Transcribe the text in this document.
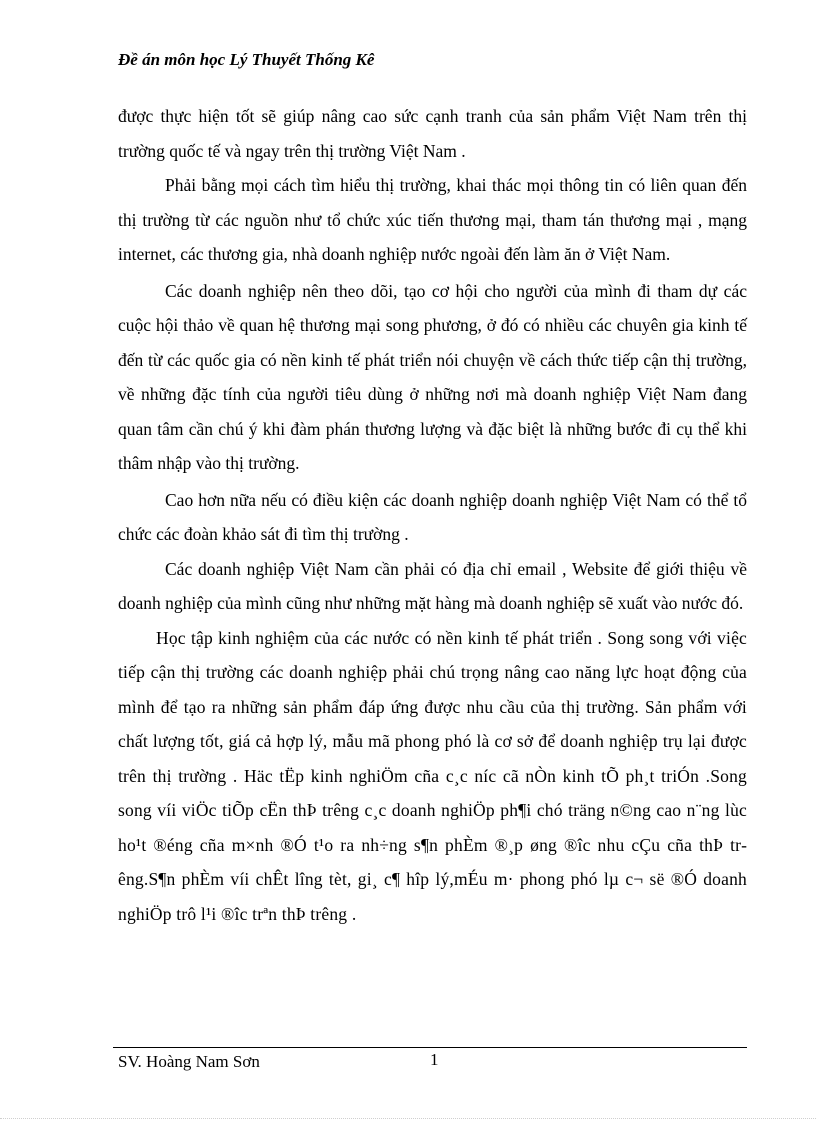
Đề án môn học Lý Thuyết Thống Kê

được thực hiện tốt sẽ giúp nâng cao sức cạnh tranh của sản phẩm Việt Nam trên thị trường quốc tế và ngay trên thị trường Việt Nam .

Phải bằng mọi cách tìm hiểu thị trường, khai thác mọi thông tin có liên quan đến thị trường từ các nguồn như tổ chức xúc tiến thương mại, tham tán thương mại , mạng internet, các thương gia, nhà doanh nghiệp nước ngoài đến làm ăn ở Việt Nam.

Các doanh nghiệp nên theo dõi, tạo cơ hội cho người của mình đi tham dự các cuộc hội thảo về quan hệ thương mại song phương, ở đó có nhiều các chuyên gia kinh tế đến từ các quốc gia có nền kinh tế phát triển nói chuyện về cách thức tiếp cận thị trường, về những đặc tính của người tiêu dùng ở những nơi mà doanh nghiệp Việt Nam đang quan tâm cần chú ý khi đàm phán thương lượng và đặc biệt là những bước đi cụ thể khi thâm nhập vào thị trường.

Cao hơn nữa nếu có điều kiện các doanh nghiệp doanh nghiệp Việt Nam có thể tổ chức các đoàn khảo sát đi tìm thị trường .

Các doanh nghiệp Việt Nam cần phải có địa chỉ email , Website để giới thiệu về doanh nghiệp của mình cũng như những mặt hàng mà doanh nghiệp sẽ xuất vào nước đó.

Học tập kinh nghiệm của các nước có nền kinh tế phát triển . Song song với việc tiếp cận thị trường các doanh nghiệp phải chú trọng nâng cao năng lực hoạt động của mình để tạo ra những sản phẩm đáp ứng được nhu cầu của thị trường. Sản phẩm với chất lượng tốt, giá cả hợp lý, mẫu mã phong phó là cơ sở để doanh nghiệp trụ lại được trên thị trường . Häc tËp kinh nghiÖm cña c¸c níc cã nÒn kinh tÕ ph¸t triÓn .Song song víi viÖc tiÕp cËn thÞ trêng c¸c doanh nghiÖp ph¶i chó träng n©ng cao n¨ng lùc ho¹t ®éng cña m×nh ®Ó t¹o ra nh÷ng s¶n phÈm ®¸p øng ®îc nhu cÇu cña thÞ trêng.S¶n phÈm víi chÊt lîng tèt, gi¸ c¶ hîp lý,mÉu m· phong phó lµ c¬ së ®Ó doanh nghiÖp trô l¹i ®îc trªn thÞ trêng .

SV. Hoàng Nam Sơn	1
